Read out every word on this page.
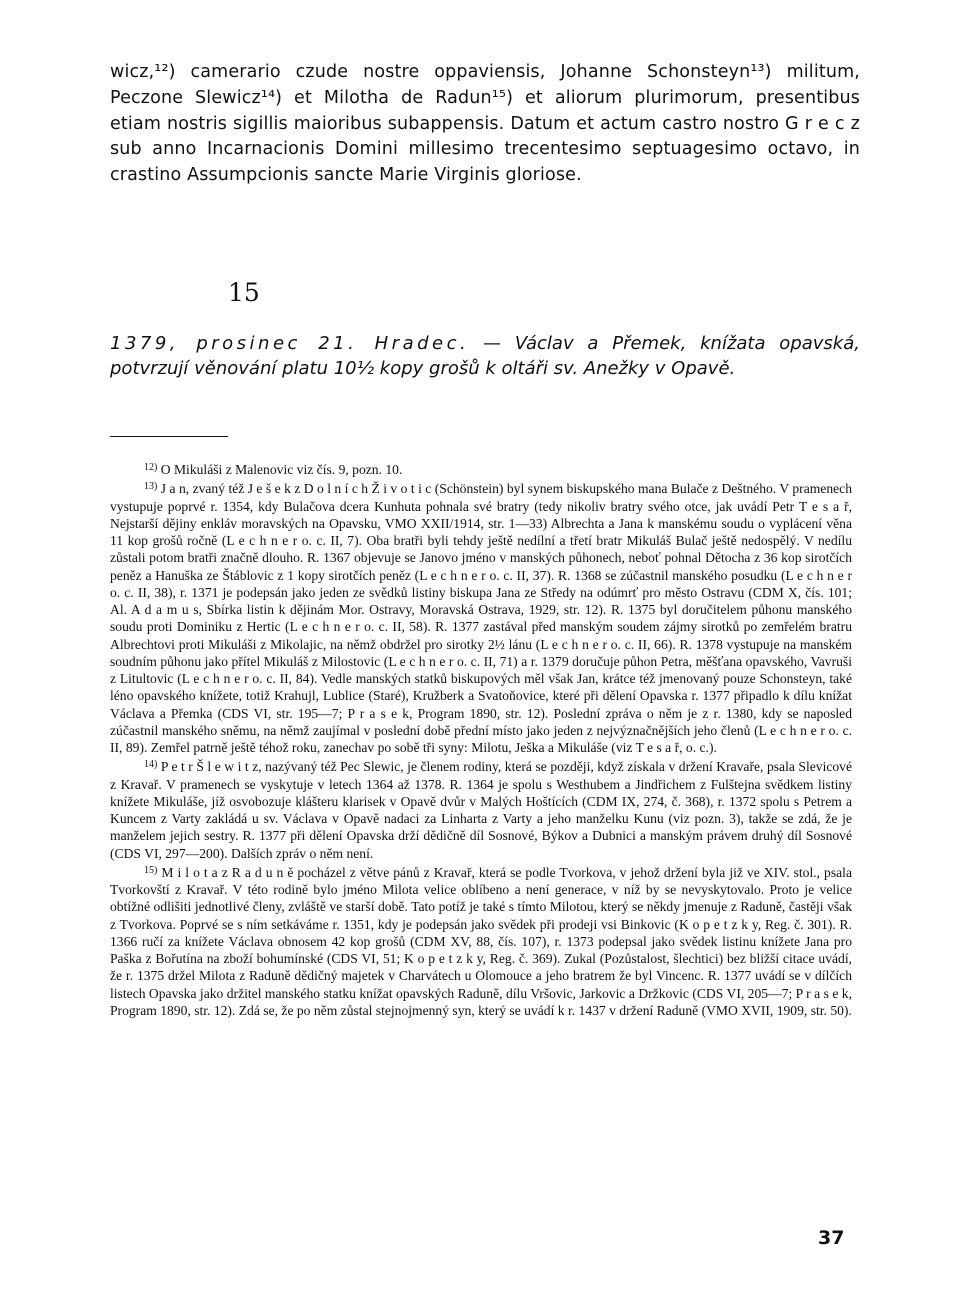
wicz,¹²) camerario czude nostre oppaviensis, Johanne Schonsteyn¹³) militum, Peczone Slewicz¹⁴) et Milotha de Radun¹⁵) et aliorum plurimorum, presentibus etiam nostris sigillis maioribus subappensis. Datum et actum castro nostro G r e c z sub anno Incarnacionis Domini millesimo trecentesimo septuagesimo octavo, in crastino Assumpcionis sancte Marie Virginis gloriose.

15

1379, prosinec 21. Hradec. — Václav a Přemek, knížata opavská, potvrzují věnování platu 10½ kopy grošů k oltáři sv. Anežky v Opavě.

$^{12)}$ O Mikuláši z Malenovic viz čís. 9, pozn. 10.

$^{13)}$ J a n, zvaný též J e š e k z D o l n í c h Ž i v o t i c (Schönstein) byl synem biskupského mana Bulače z Deštného. V pramenech vystupuje poprvé r. 1354, kdy Bulačova dcera Kunhuta pohnala své bratry (tedy nikoliv bratry svého otce, jak uvádí Petr T e s a ř, Nejstarší dějiny enkláv moravských na Opavsku, VMO XXII/1914, str. 1—33) Albrechta a Jana k manskému soudu o vyplácení věna 11 kop grošů ročně (L e c h n e r o. c. II, 7). Oba bratři byli tehdy ještě nedílní a třetí bratr Mikuláš Bulač ještě nedospělý. V nedílu zůstali potom bratři značně dlouho. R. 1367 objevuje se Janovo jméno v manských půhonech, neboť pohnal Dětocha z 36 kop sirotčích peněz a Hanuška ze Štáblovic z 1 kopy sirotčích peněz (L e c h n e r o. c. II, 37). R. 1368 se zúčastnil manského posudku (L e c h n e r o. c. II, 38), r. 1371 je podepsán jako jeden ze svědků listiny biskupa Jana ze Středy na odúmrť pro město Ostravu (CDM X, čís. 101; Al. A d a m u s, Sbírka listin k dějinám Mor. Ostravy, Moravská Ostrava, 1929, str. 12). R. 1375 byl doručitelem půhonu manského soudu proti Dominiku z Hertic (L e c h n e r o. c. II, 58). R. 1377 zastával před manským soudem zájmy sirotků po zemřelém bratru Albrechtovi proti Mikuláši z Mikolajic, na němž obdržel pro sirotky 2½ lánu (L e c h n e r o. c. II, 66). R. 1378 vystupuje na manském soudním půhonu jako přítel Mikuláš z Milostovic (L e c h n e r o. c. II, 71) a r. 1379 doručuje půhon Petra, měšťana opavského, Vavruši z Litultovic (L e c h n e r o. c. II, 84). Vedle manských statků biskupových měl však Jan, krátce též jmenovaný pouze Schonsteyn, také léno opavského knížete, totiž Krahujl, Lublice (Staré), Kružberk a Svatoňovice, které při dělení Opavska r. 1377 připadlo k dílu knížat Václava a Přemka (CDS VI, str. 195—7; P r a s e k, Program 1890, str. 12). Poslední zpráva o něm je z r. 1380, kdy se naposled zúčastnil manského sněmu, na němž zaujímal v poslední době přední místo jako jeden z nejvýznačnějších jeho členů (L e c h n e r o. c. II, 89). Zemřel patrně ještě téhož roku, zanechav po sobě tři syny: Milotu, Ješka a Mikuláše (viz T e s a ř, o. c.).

$^{14)}$ P e t r Š l e w i t z, nazývaný též Pec Slewic, je členem rodiny, která se později, když získala v držení Kravaře, psala Slevicové z Kravař. V pramenech se vyskytuje v letech 1364 až 1378. R. 1364 je spolu s Westhubem a Jindřichem z Fulštejna svědkem listiny knížete Mikuláše, jíž osvobozuje klášteru klarisek v Opavě dvůr v Malých Hoštících (CDM IX, 274, č. 368), r. 1372 spolu s Petrem a Kuncem z Varty zakládá u sv. Václava v Opavě nadaci za Linharta z Varty a jeho manželku Kunu (viz pozn. 3), takže se zdá, že je manželem jejich sestry. R. 1377 při dělení Opavska drží dědičně díl Sosnové, Býkov a Dubnici a manským právem druhý díl Sosnové (CDS VI, 297—200). Dalších zpráv o něm není.

$^{15)}$ M i l o t a z R a d u n ě pocházel z větve pánů z Kravař, která se podle Tvorkova, v jehož držení byla již ve XIV. stol., psala Tvorkovští z Kravař. V této rodině bylo jméno Milota velice oblíbeno a není generace, v níž by se nevyskytovalo. Proto je velice obtížné odlišiti jednotlivé členy, zvláště ve starší době. Tato potíž je také s tímto Milotou, který se někdy jmenuje z Raduně, častěji však z Tvorkova. Poprvé se s ním setkáváme r. 1351, kdy je podepsán jako svědek při prodeji vsi Binkovic (K o p e t z k y, Reg. č. 301). R. 1366 ručí za knížete Václava obnosem 42 kop grošů (CDM XV, 88, čís. 107), r. 1373 podepsal jako svědek listinu knížete Jana pro Paška z Bořutína na zboží bohumínské (CDS VI, 51; K o p e t z k y, Reg. č. 369). Zukal (Pozůstalost, šlechtici) bez bližší citace uvádí, že r. 1375 držel Milota z Raduně dědičný majetek v Charvátech u Olomouce a jeho bratrem že byl Vincenc. R. 1377 uvádí se v dílčích listech Opavska jako držitel manského statku knížat opavských Raduně, dílu Vršovic, Jarkovic a Držkovic (CDS VI, 205—7; P r a s e k, Program 1890, str. 12). Zdá se, že po něm zůstal stejnojmenný syn, který se uvádí k r. 1437 v držení Raduně (VMO XVII, 1909, str. 50).

37
